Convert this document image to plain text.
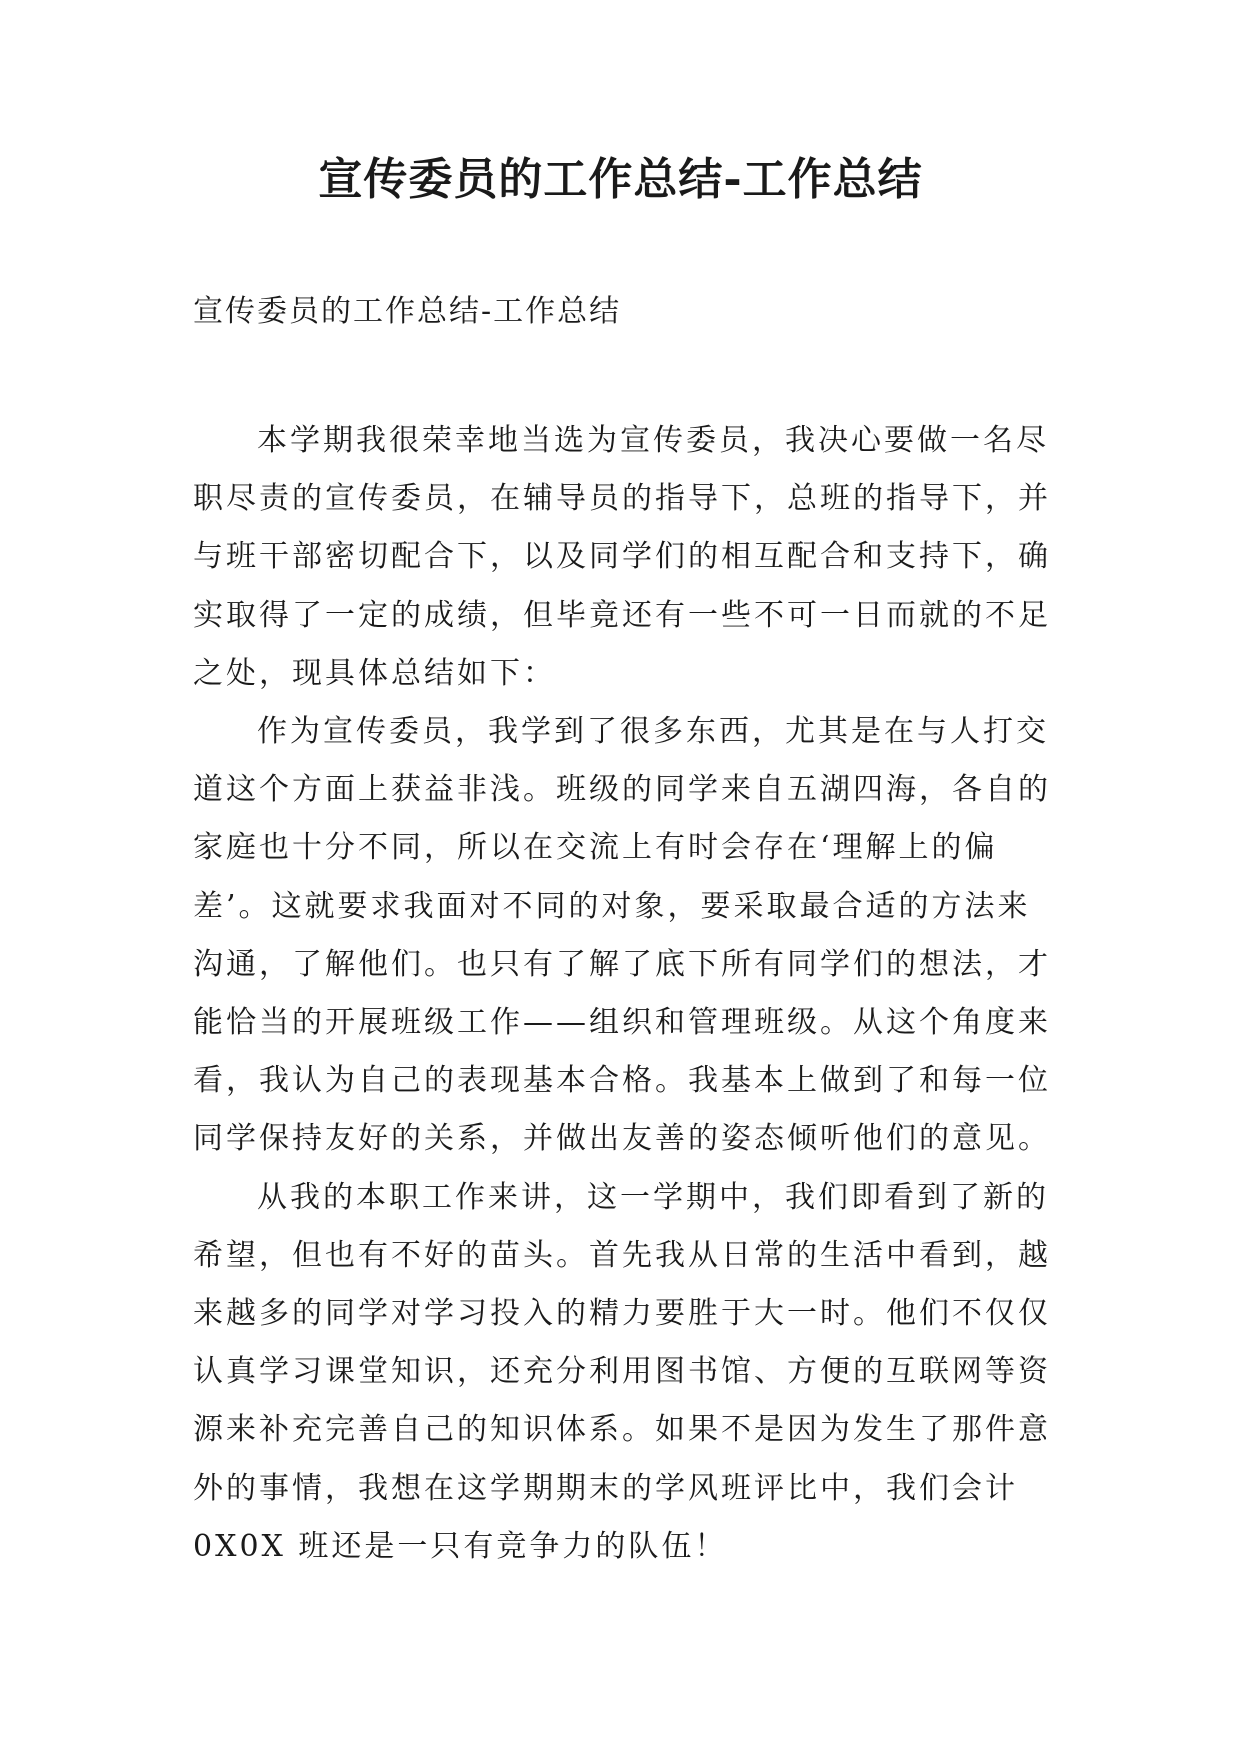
宣传委员的工作总结-工作总结
宣传委员的工作总结-工作总结

本学期我很荣幸地当选为宣传委员，我决心要做一名尽
职尽责的宣传委员，在辅导员的指导下，总班的指导下，并
与班干部密切配合下，以及同学们的相互配合和支持下，确
实取得了一定的成绩，但毕竟还有一些不可一日而就的不足
之处，现具体总结如下：

作为宣传委员，我学到了很多东西，尤其是在与人打交
道这个方面上获益非浅。班级的同学来自五湖四海，各自的
家庭也十分不同，所以在交流上有时会存在‘理解上的偏
差’。这就要求我面对不同的对象，要采取最合适的方法来
沟通，了解他们。也只有了解了底下所有同学们的想法，才
能恰当的开展班级工作——组织和管理班级。从这个角度来
看，我认为自己的表现基本合格。我基本上做到了和每一位
同学保持友好的关系，并做出友善的姿态倾听他们的意见。

从我的本职工作来讲，这一学期中，我们即看到了新的
希望，但也有不好的苗头。首先我从日常的生活中看到，越
来越多的同学对学习投入的精力要胜于大一时。他们不仅仅
认真学习课堂知识，还充分利用图书馆、方便的互联网等资
源来补充完善自己的知识体系。如果不是因为发生了那件意
外的事情，我想在这学期期末的学风班评比中，我们会计
0X0X 班还是一只有竞争力的队伍！
